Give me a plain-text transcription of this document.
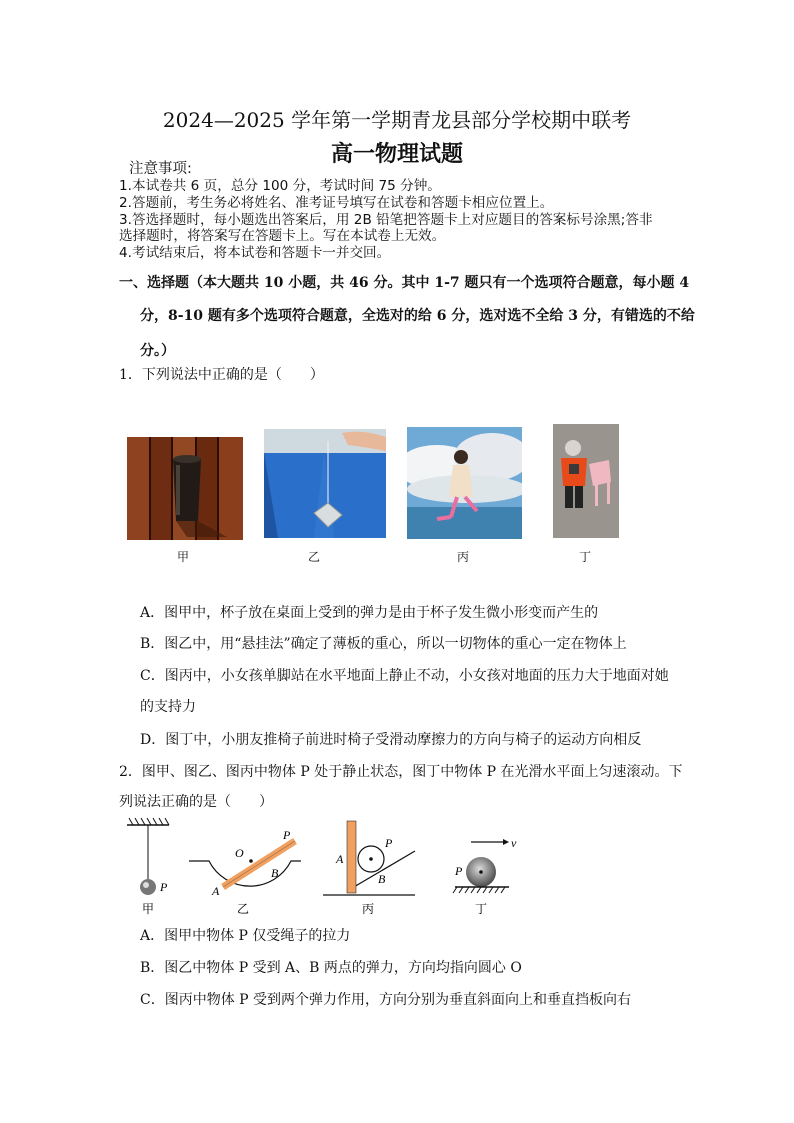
2024—2025 学年第一学期青龙县部分学校期中联考
高一物理试题
注意事项:
1.本试卷共 6 页，总分 100 分，考试时间 75 分钟。
2.答题前，考生务必将姓名、准考证号填写在试卷和答题卡相应位置上。
3.答选择题时，每小题选出答案后，用 2B 铅笔把答题卡上对应题目的答案标号涂黑;答非
选择题时，将答案写在答题卡上。写在本试卷上无效。
4.考试结束后，将本试卷和答题卡一并交回。
一、选择题（本大题共 10 小题，共 46 分。其中 1-7 题只有一个选项符合题意，每小题 4
分，8-10 题有多个选项符合题意，全选对的给 6 分，选对选不全给 3 分，有错选的不给
分。）
1．下列说法中正确的是（　　）
甲	乙	丙	丁
A．图甲中，杯子放在桌面上受到的弹力是由于杯子发生微小形变而产生的
B．图乙中，用“悬挂法”确定了薄板的重心，所以一切物体的重心一定在物体上
C．图丙中，小女孩单脚站在水平地面上静止不动，小女孩对地面的压力大于地面对她
的支持力
D．图丁中，小朋友推椅子前进时椅子受滑动摩擦力的方向与椅子的运动方向相反
2．图甲、图乙、图丙中物体 P 处于静止状态，图丁中物体 P 在光滑水平面上匀速滚动。下
列说法正确的是（　　）
P
O
P
A
B
A
P
B
v
P
甲	乙	丙	丁
A．图甲中物体 P 仅受绳子的拉力
B．图乙中物体 P 受到 A、B 两点的弹力，方向均指向圆心 O
C．图丙中物体 P 受到两个弹力作用，方向分别为垂直斜面向上和垂直挡板向右
